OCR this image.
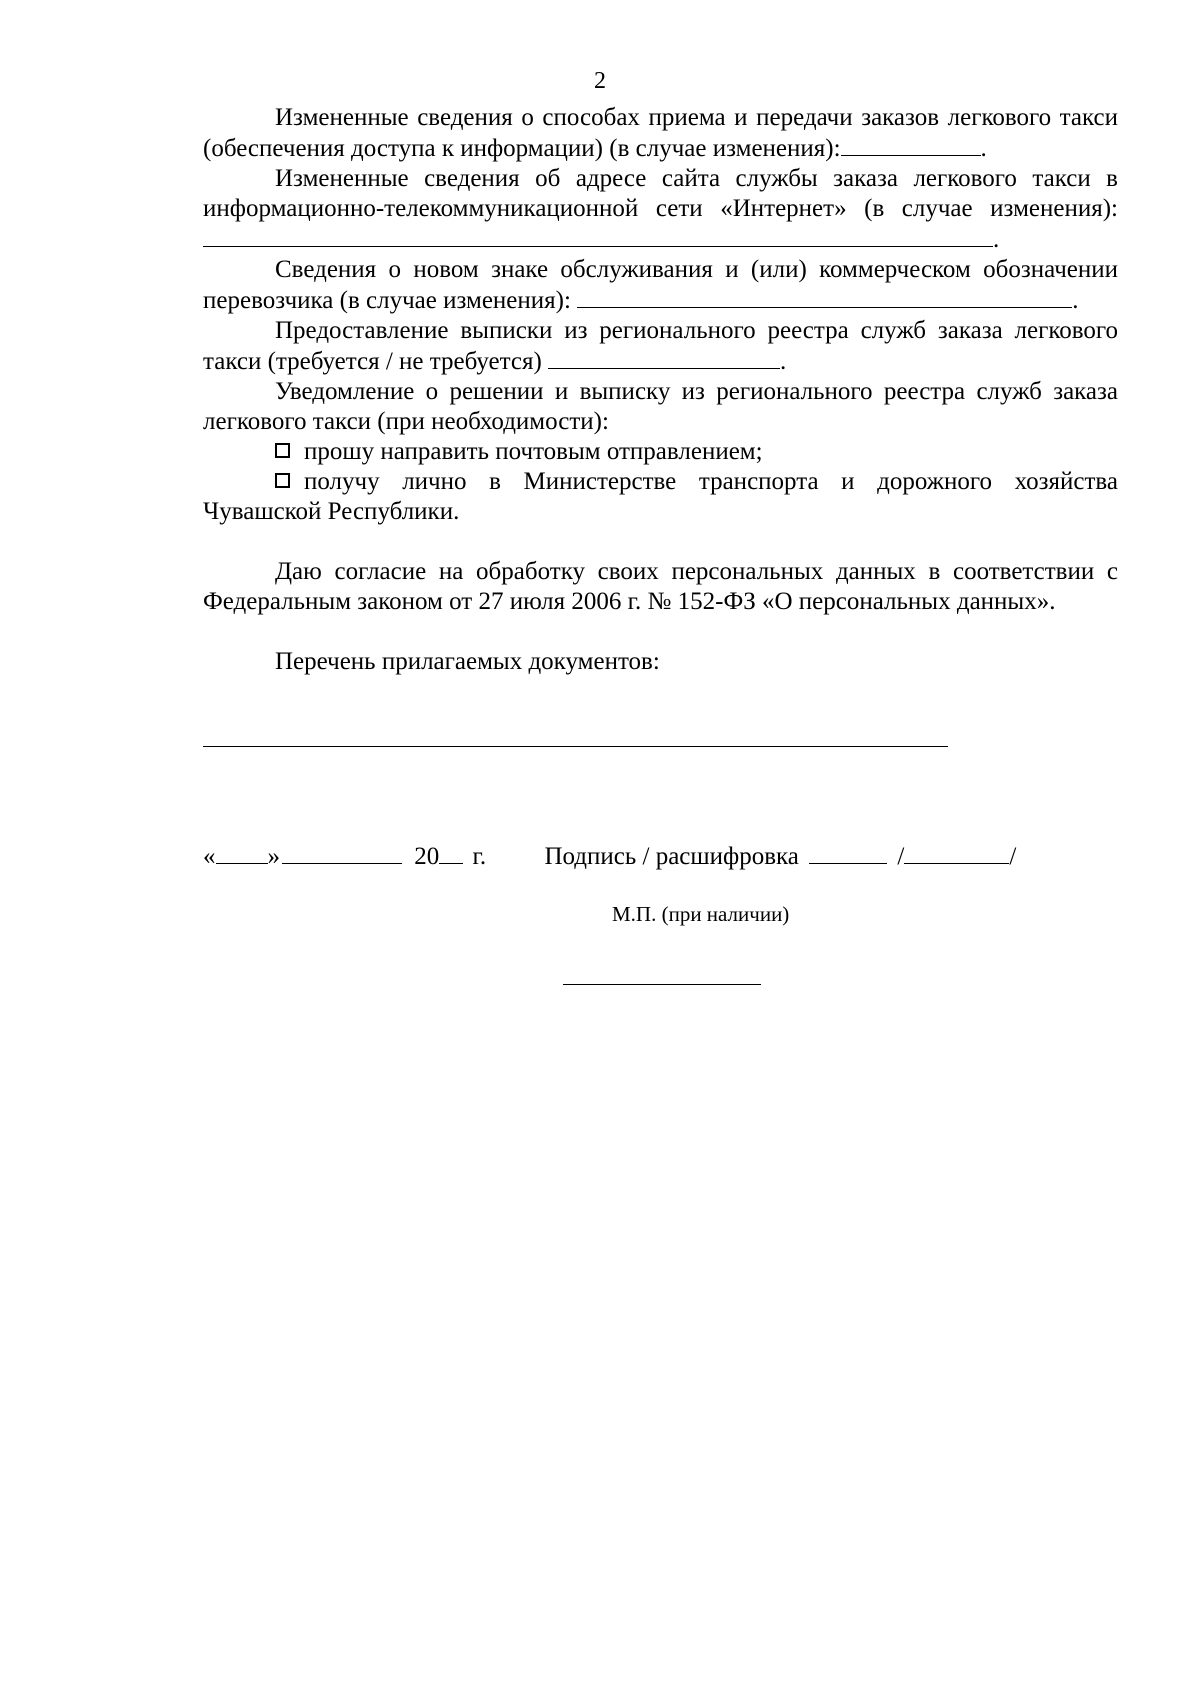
2

Измененные сведения о способах приема и передачи заказов легкового такси (обеспечения доступа к информации) (в случае изменения):	.

Измененные сведения об адресе сайта службы заказа легкового такси в информационно-телекоммуникационной сети «Интернет» (в случае изменения): .

Сведения о новом знаке обслуживания и (или) коммерческом обозначении перевозчика (в случае изменения):	.

Предоставление выписки из регионального реестра служб заказа легкового такси (требуется / не требуется)	.

Уведомление о решении и выписку из регионального реестра служб заказа легкового такси (при необходимости):

прошу направить почтовым отправлением;

получу лично в Министерстве транспорта и дорожного хозяйства Чувашской Республики.

Даю согласие на обработку своих персональных данных в соответствии с Федеральным законом от 27 июля 2006 г. № 152-ФЗ «О персональных данных».

Перечень прилагаемых документов:

« »	20 г. Подпись / расшифровка	/	/
М.П. (при наличии)
